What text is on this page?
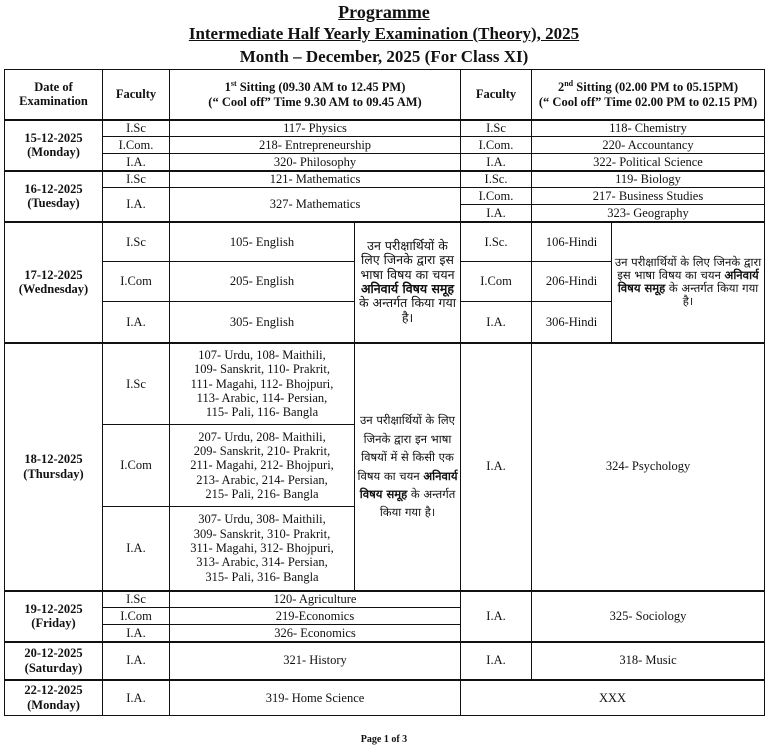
Programme
Intermediate Half Yearly Examination (Theory), 2025
Month – December, 2025 (For Class XI)
Date of Examination	Faculty	1st Sitting (09.30 AM to 12.45 PM)
(“ Cool off” Time 9.30 AM to 09.45 AM)		Faculty	2nd Sitting (02.00 PM to 05.15PM)
(“ Cool off” Time 02.00 PM to 02.15 PM)	
15-12-2025
(Monday)	I.Sc	117- Physics		I.Sc	118- Chemistry	
	I.Com.	218- Entrepreneurship		I.Com.	220- Accountancy	
	I.A.	320- Philosophy		I.A.	322- Political Science	
16-12-2025
(Tuesday)	I.Sc	121- Mathematics		I.Sc.	119- Biology	
	I.A.	327- Mathematics		I.Com.	217- Business Studies	
				I.A.	323- Geography	
17-12-2025
(Wednesday)	I.Sc	105- English	उन परीक्षार्थियों के लिए जिनके द्वारा इस भाषा विषय का चयन अनिवार्य विषय समूह के अन्तर्गत किया गया है।	I.Sc.	106-Hindi	उन परीक्षार्थियों के लिए जिनके द्वारा इस भाषा विषय का चयन अनिवार्य विषय समूह के अन्तर्गत किया गया है।
	I.Com	205- English		I.Com	206-Hindi	
	I.A.	305- English		I.A.	306-Hindi	
18-12-2025
(Thursday)	I.Sc	107- Urdu, 108- Maithili,
109- Sanskrit, 110- Prakrit,
111- Magahi, 112- Bhojpuri,
113- Arabic, 114- Persian,
115- Pali, 116- Bangla	उन परीक्षार्थियों के लिए जिनके द्वारा इन भाषा विषयों में से किसी एक विषय का चयन अनिवार्य विषय समूह के अन्तर्गत किया गया है।	I.A.	324- Psychology	
	I.Com	207- Urdu, 208- Maithili,
209- Sanskrit, 210- Prakrit,
211- Magahi, 212- Bhojpuri,
213- Arabic, 214- Persian,
215- Pali, 216- Bangla				
	I.A.	307- Urdu, 308- Maithili,
309- Sanskrit, 310- Prakrit,
311- Magahi, 312- Bhojpuri,
313- Arabic, 314- Persian,
315- Pali, 316- Bangla				
19-12-2025
(Friday)	I.Sc	120- Agriculture		I.A.	325- Sociology	
	I.Com	219-Economics				
	I.A.	326- Economics				
20-12-2025
(Saturday)	I.A.	321- History		I.A.	318- Music	
22-12-2025
(Monday)	I.A.	319- Home Science		XXX		
Page 1 of 3
